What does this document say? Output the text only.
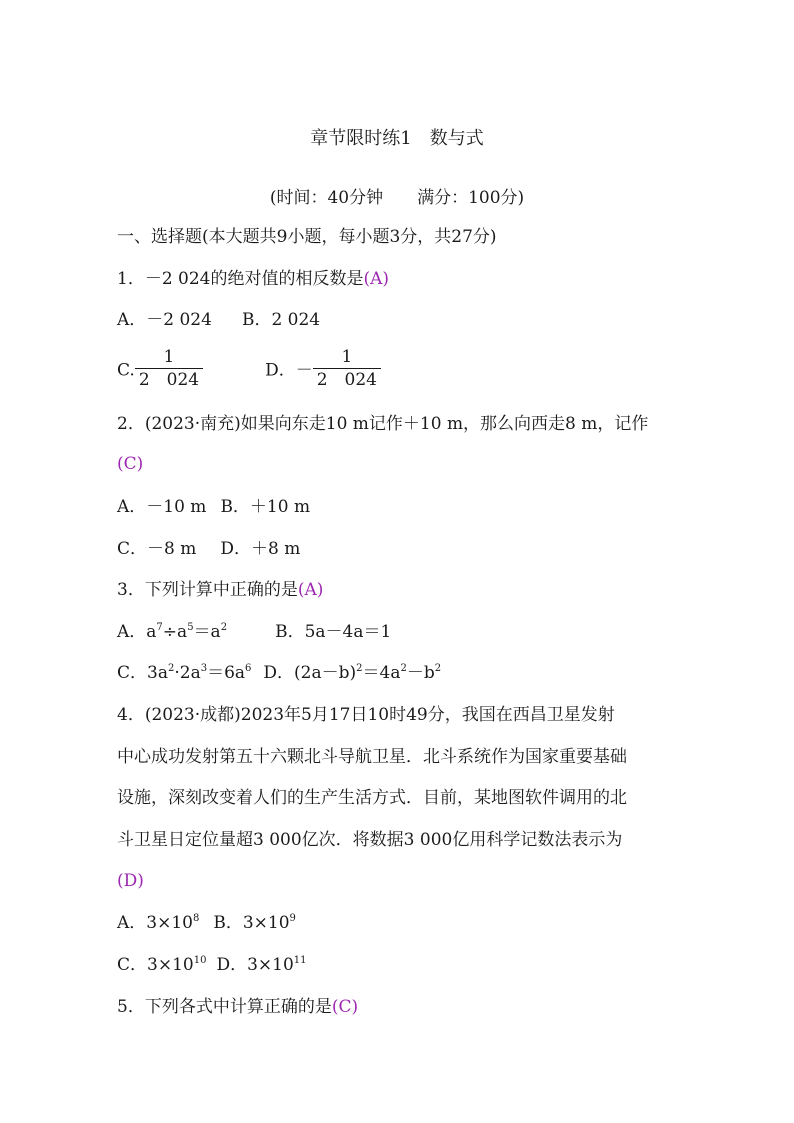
章节限时练1　数与式
(时间：40分钟　　满分：100分)
一、选择题(本大题共9小题，每小题3分，共27分)
1．－2 024的绝对值的相反数是(A)
A．－2 024 B．2 024
C. $\frac{1}{2 024}$	D．－ $\frac{1}{2 024}$
2．(2023·南充)如果向东走10 m记作＋10 m，那么向西走8 m，记作
(C)
A．－10 m B．＋10 m
C．－8 m D．＋8 m
3．下列计算中正确的是(A)
A．$a^7\div a^5=a^2$	B．5a－4a＝1
C．$3a^2\cdot 2a^3=6a^6$ D．$(2a-b)^2=4a^2-b^2$
4．(2023·成都)2023年5月17日10时49分，我国在西昌卫星发射
中心成功发射第五十六颗北斗导航卫星．北斗系统作为国家重要基础
设施，深刻改变着人们的生产生活方式．目前，某地图软件调用的北
斗卫星日定位量超3 000亿次．将数据3 000亿用科学记数法表示为
(D)
A．$3\times 10^8$ B．$3\times 10^9$
C．$3\times 10^{10}$ D．$3\times 10^{11}$
5．下列各式中计算正确的是(C)
